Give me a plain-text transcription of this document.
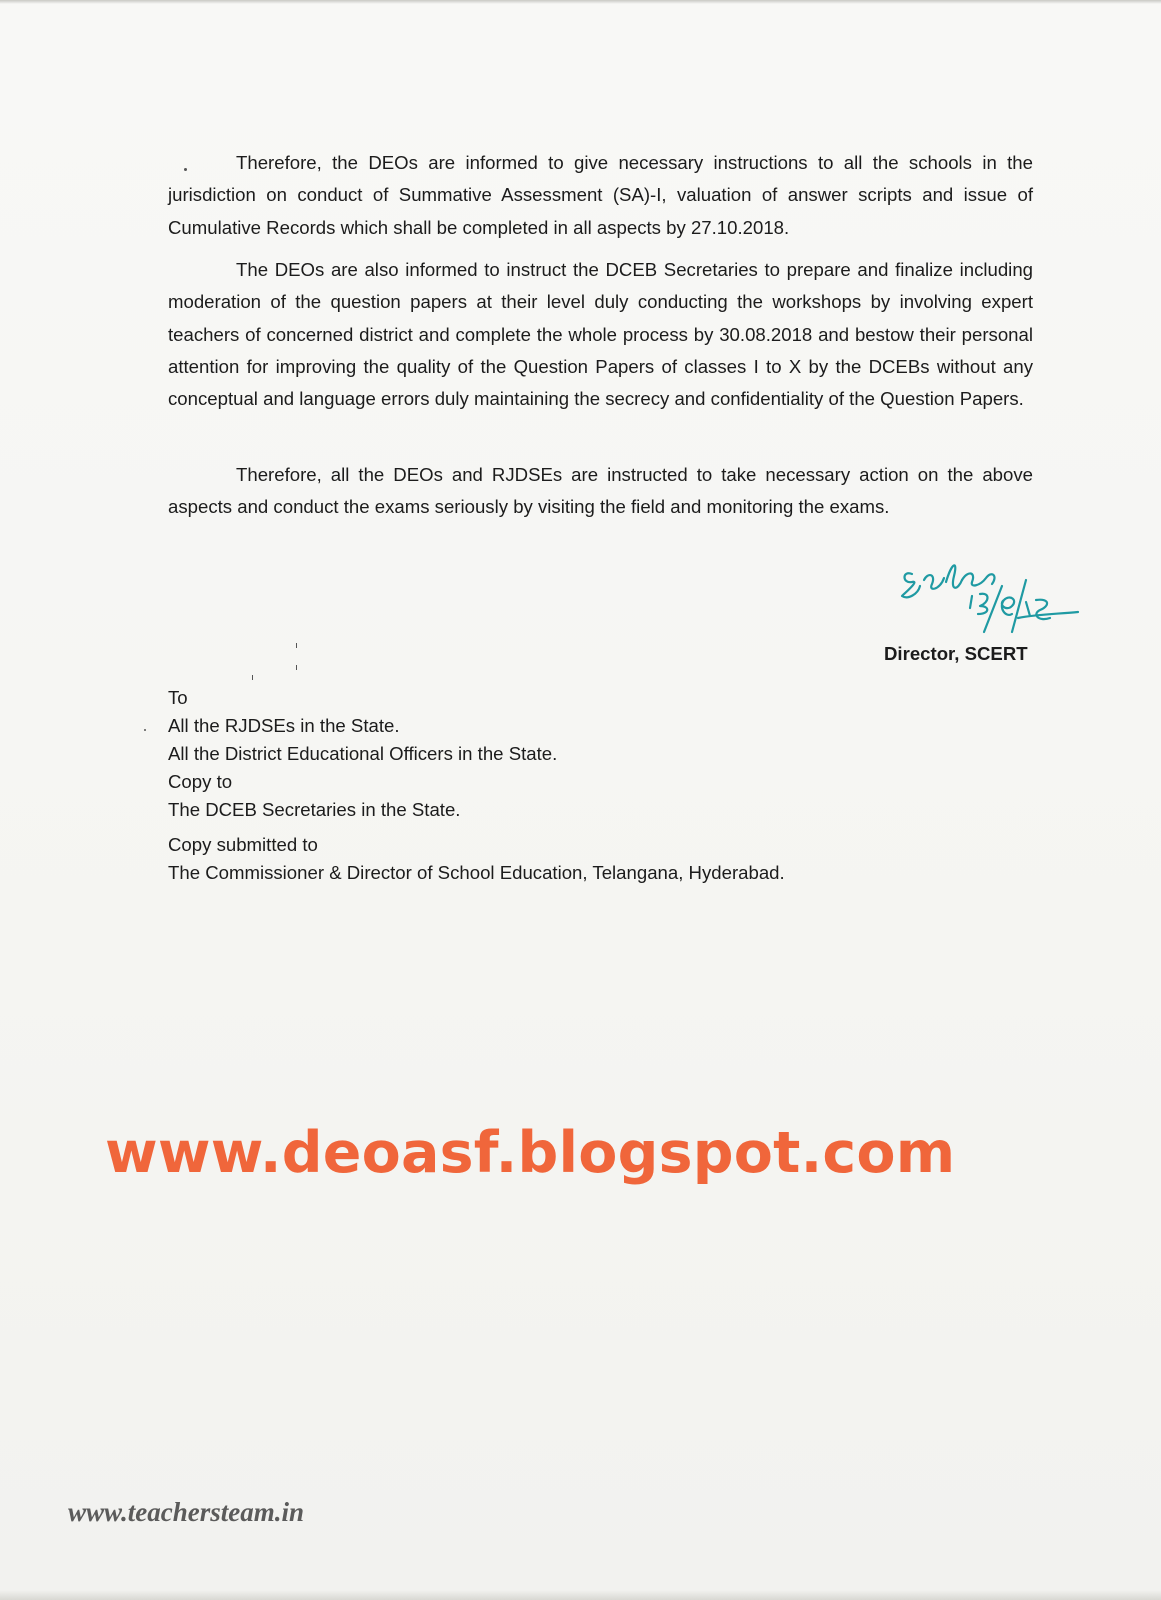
Therefore, the DEOs are informed to give necessary instructions to all the schools in the jurisdiction on conduct of Summative Assessment (SA)-I, valuation of answer scripts and issue of Cumulative Records which shall be completed in all aspects by 27.10.2018.

The DEOs are also informed to instruct the DCEB Secretaries to prepare and finalize including moderation of the question papers at their level duly conducting the workshops by involving expert teachers of concerned district and complete the whole process by 30.08.2018 and bestow their personal attention for improving the quality of the Question Papers of classes I to X by the DCEBs without any conceptual and language errors duly maintaining the secrecy and confidentiality of the Question Papers.

Therefore, all the DEOs and RJDSEs are instructed to take necessary action on the above aspects and conduct the exams seriously by visiting the field and monitoring the exams.

Director, SCERT
To
All the RJDSEs in the State.
All the District Educational Officers in the State.
Copy to
The DCEB Secretaries in the State.
Copy submitted to
The Commissioner & Director of School Education, Telangana, Hyderabad.
www.deoasf.blogspot.com
www.teachersteam.in
